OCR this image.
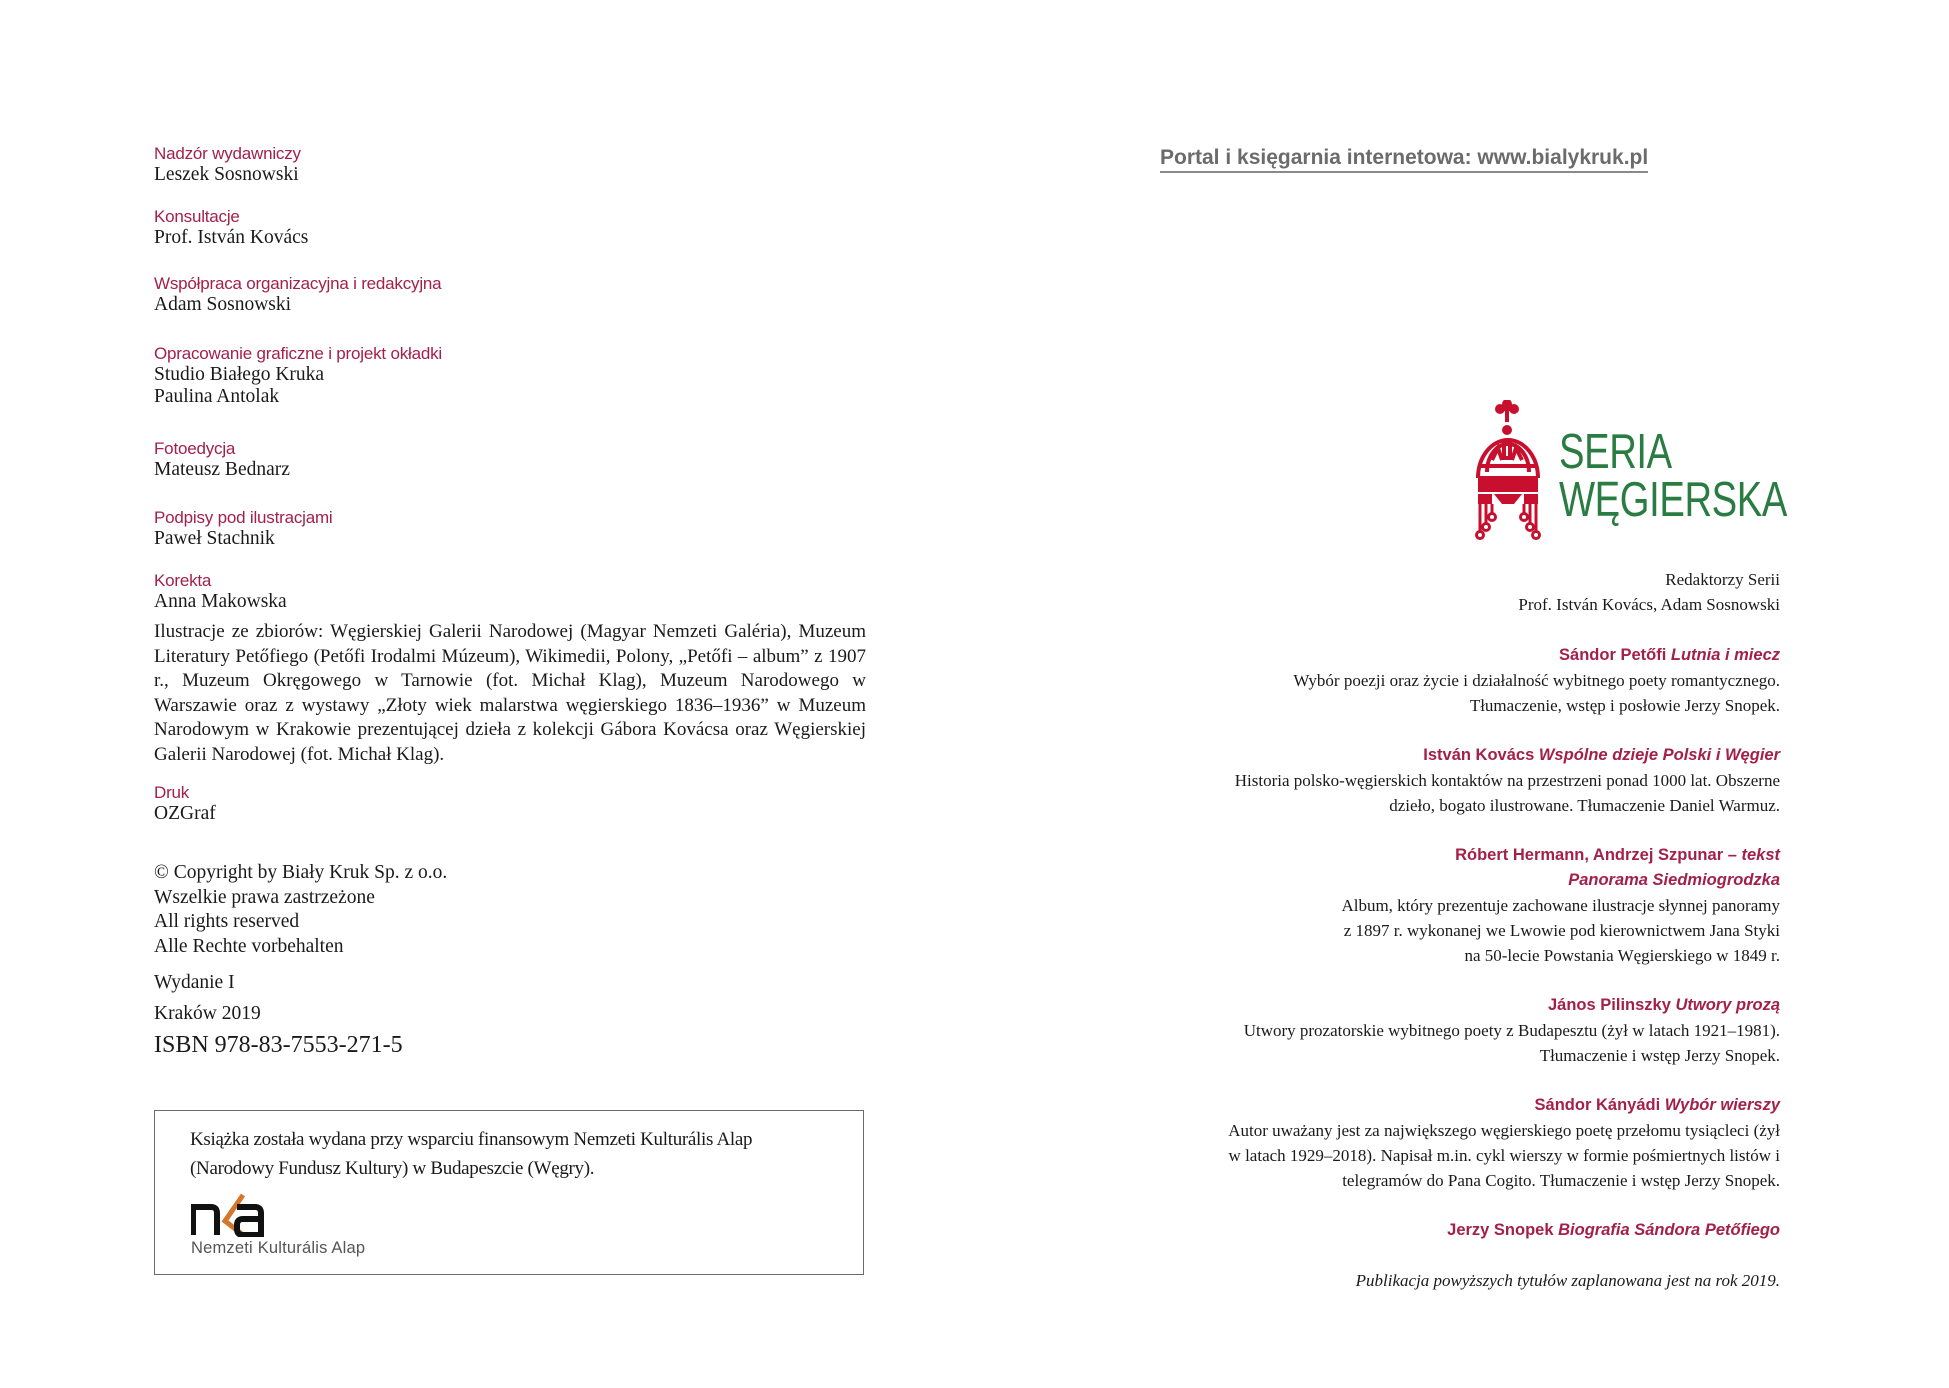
Nadzór wydawniczy
Leszek Sosnowski
Konsultacje
Prof. István Kovács
Współpraca organizacyjna i redakcyjna
Adam Sosnowski
Opracowanie graficzne i projekt okładki
Studio Białego Kruka
Paulina Antolak
Fotoedycja
Mateusz Bednarz
Podpisy pod ilustracjami
Paweł Stachnik
Korekta
Anna Makowska
Ilustracje ze zbiorów: Węgierskiej Galerii Narodowej (Magyar Nemzeti Galéria), Muzeum Literatury Petőfiego (Petőfi Irodalmi Múzeum), Wikimedii, Polony, „Petőfi – album” z 1907 r., Muzeum Okręgowego w Tarnowie (fot. Michał Klag), Muzeum Narodowego w Warszawie oraz z wystawy „Złoty wiek malarstwa węgierskiego 1836–1936” w Muzeum Narodowym w Krakowie prezentującej dzieła z kolekcji Gábora Kovácsa oraz Węgierskiej Galerii Narodowej (fot. Michał Klag).
Druk
OZGraf
© Copyright by Biały Kruk Sp. z o.o.
Wszelkie prawa zastrzeżone
All rights reserved
Alle Rechte vorbehalten
Wydanie I
Kraków 2019
ISBN 978-83-7553-271-5
Książka została wydana przy wsparciu finansowym Nemzeti Kulturális Alap (Narodowy Fundusz Kultury) w Budapeszcie (Węgry).
Nemzeti Kulturális Alap
Portal i księgarnia internetowa: www.bialykruk.pl
SERIA
WĘGIERSKA
Redaktorzy Serii
Prof. István Kovács, Adam Sosnowski
Sándor Petőfi Lutnia i miecz
Wybór poezji oraz życie i działalność wybitnego poety romantycznego.
Tłumaczenie, wstęp i posłowie Jerzy Snopek.
István Kovács Wspólne dzieje Polski i Węgier
Historia polsko-węgierskich kontaktów na przestrzeni ponad 1000 lat. Obszerne
dzieło, bogato ilustrowane. Tłumaczenie Daniel Warmuz.
Róbert Hermann, Andrzej Szpunar – tekst
Panorama Siedmiogrodzka
Album, który prezentuje zachowane ilustracje słynnej panoramy
z 1897 r. wykonanej we Lwowie pod kierownictwem Jana Styki
na 50-lecie Powstania Węgierskiego w 1849 r.
János Pilinszky Utwory prozą
Utwory prozatorskie wybitnego poety z Budapesztu (żył w latach 1921–1981).
Tłumaczenie i wstęp Jerzy Snopek.
Sándor Kányádi Wybór wierszy
Autor uważany jest za największego węgierskiego poetę przełomu tysiącleci (żył
w latach 1929–2018). Napisał m.in. cykl wierszy w formie pośmiertnych listów i
telegramów do Pana Cogito. Tłumaczenie i wstęp Jerzy Snopek.
Jerzy Snopek Biografia Sándora Petőfiego
Publikacja powyższych tytułów zaplanowana jest na rok 2019.
